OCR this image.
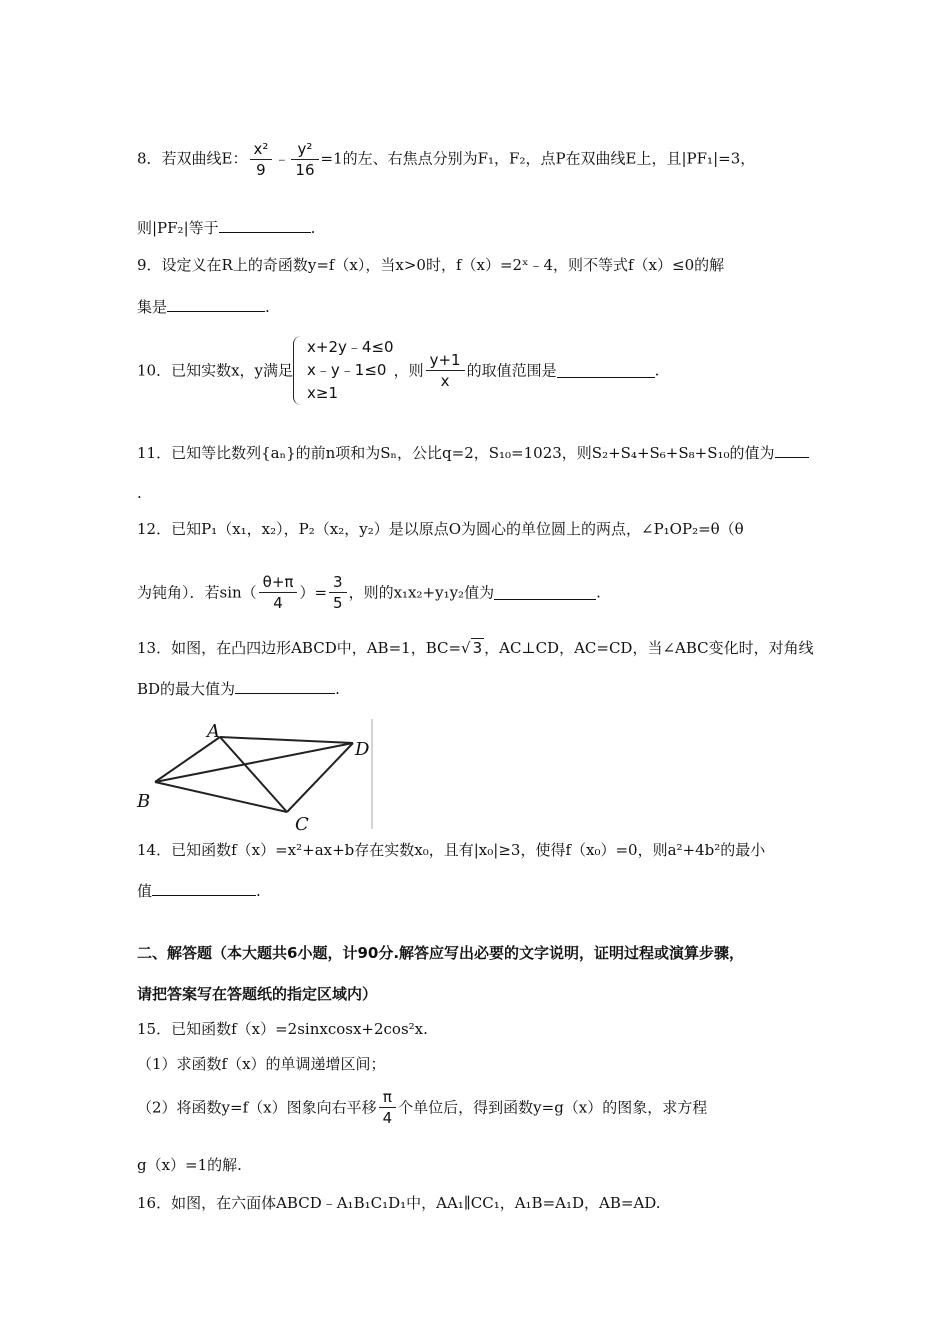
8．若双曲线E： $\frac{\text{x²}}{9}$ ﹣ $\frac{\text{y²}}{16} =1$的左、右焦点分别为F₁，F₂，点P在双曲线E上，且|PF₁|=3，
则|PF₂|等于	.
9．设定义在R上的奇函数y=f（x），当x>0时，f（x）=2ˣ﹣4，则不等式f（x）≤0的解
集是	.
10．已知实数x，y满足
x+2y﹣4≤0
x﹣y﹣1≤0
x≥1
，则 $\frac{y+1}{x}$ 的取值范围是	.
11．已知等比数列{aₙ}的前n项和为Sₙ，公比q=2，S₁₀=1023，则S₂+S₄+S₆+S₈+S₁₀的值为
.
12．已知P₁（x₁，x₂），P₂（x₂，y₂）是以原点O为圆心的单位圆上的两点，∠P₁OP₂=θ（θ
为钝角）．若$\sin( \frac{\theta+\pi}{4}$ ）= $\frac{3}{5}$ ，则的x₁x₂+y₁y₂值为	.
13．如图，在凸四边形ABCD中，AB=1，BC=√ 3 ，AC⊥CD，AC=CD，当∠ABC变化时，对角线
BD的最大值为	.
A
B
C
D
14．已知函数f（x）=x²+ax+b存在实数x₀，且有|x₀|≥3，使得f（x₀）=0，则a²+4b²的最小
值	.
二、解答题（本大题共6小题，计90分.解答应写出必要的文字说明，证明过程或演算步骤，
请把答案写在答题纸的指定区域内）
15．已知函数f（x）=2sinxcosx+2cos²x.
（1）求函数f（x）的单调递增区间；
（2）将函数y=f（x）图象向右平移 $\frac{\pi}{4}$ 个单位后，得到函数y=g（x）的图象，求方程
g（x）=1的解.
16．如图，在六面体ABCD﹣A₁B₁C₁D₁中，AA₁∥CC₁，A₁B=A₁D，AB=AD.
